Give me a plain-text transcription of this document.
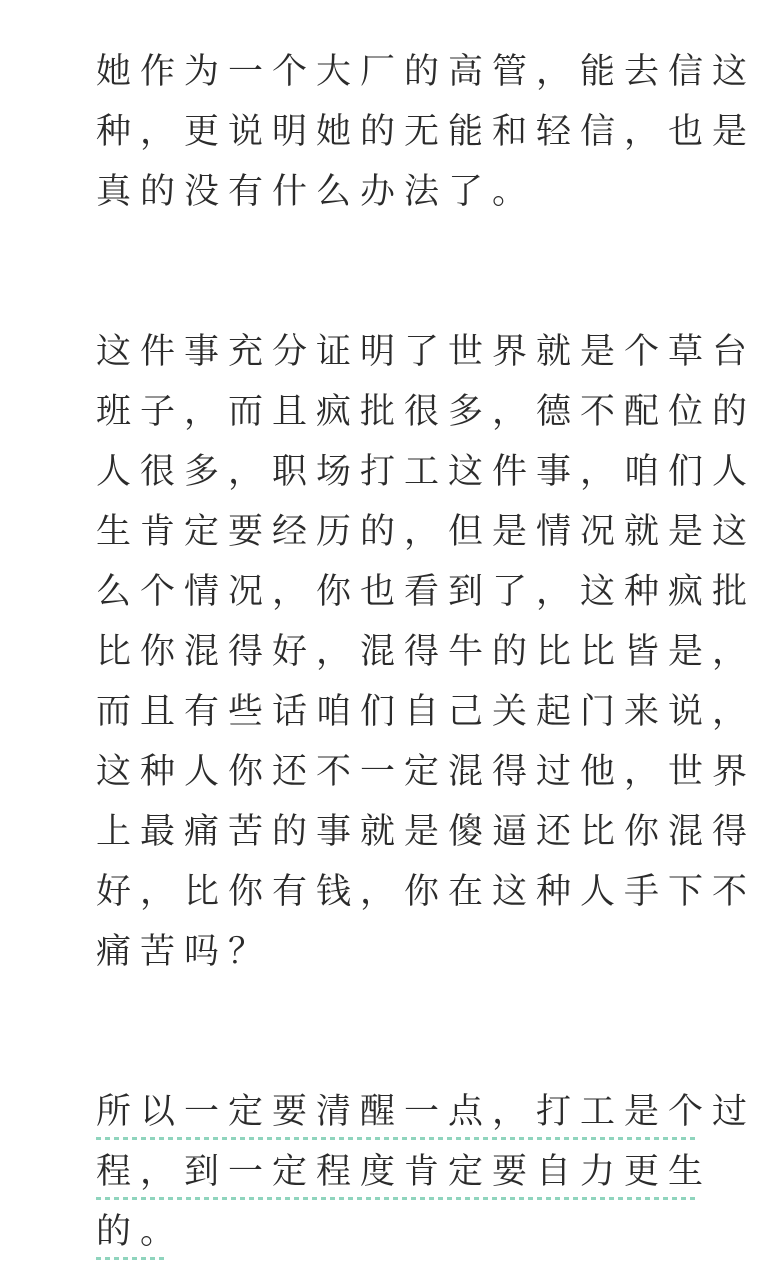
她作为一个大厂的高管，能去信这
种，更说明她的无能和轻信，也是
真的没有什么办法了。
这件事充分证明了世界就是个草台
班子，而且疯批很多，德不配位的
人很多，职场打工这件事，咱们人
生肯定要经历的，但是情况就是这
么个情况，你也看到了，这种疯批
比你混得好，混得牛的比比皆是，
而且有些话咱们自己关起门来说，
这种人你还不一定混得过他，世界
上最痛苦的事就是傻逼还比你混得
好，比你有钱，你在这种人手下不
痛苦吗？
所以一定要清醒一点，打工是个过
程，到一定程度肯定要自力更生
的。
